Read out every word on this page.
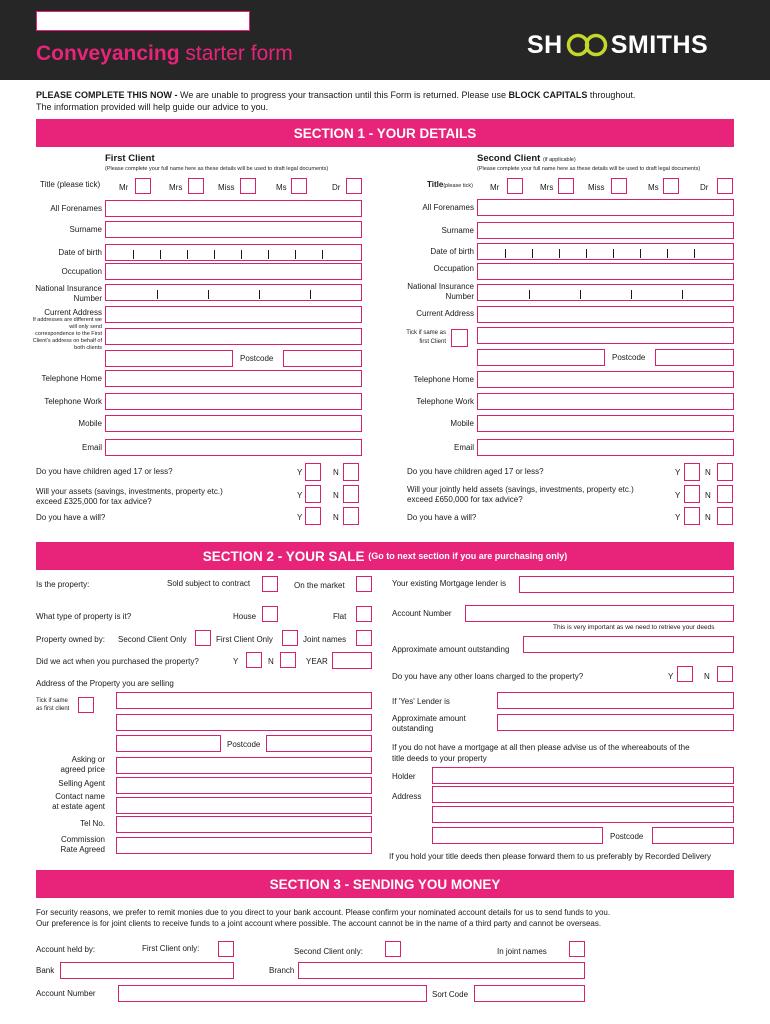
Conveyancing starter form	SH SMITHS
PLEASE COMPLETE THIS NOW - We are unable to progress your transaction until this Form is returned. Please use BLOCK CAPITALS throughout.
The information provided will help guide our advice to you.
SECTION 1 - YOUR DETAILS
First Client
(Please complete your full name here as these details will be used to draft legal documents)
Second Client (if applicable)
(Please complete your full name here as these details will be used to draft legal documents)
Title (please tick) Mr	Mrs	Miss	Ms	Dr	Title(please tick) Mr	Mrs	Miss	Ms	Dr
All Forenames
Surname
Date of birth
Occupation
National Insurance
Number
Current Address
If addresses are different we will only send correspondence to the First Client's address on behalf of both clients
Postcode
Telephone Home
Telephone Work
Mobile
Email
All Forenames
Surname
Date of birth
Occupation
National Insurance
Number
Current Address
Tick if same as
first Client
Postcode
Telephone Home
Telephone Work
Mobile
Email
Do you have children aged 17 or less?	Y	N
Will your assets (savings, investments, property etc.)
exceed £325,000 for tax advice?
Y	N
Do you have a will?	Y	N
Do you have children aged 17 or less?	Y	N
Will your jointly held assets (savings, investments, property etc.)
exceed £650,000 for tax advice?	Y	N
Do you have a will?	Y	N
SECTION 2 - YOUR SALE
(Go to next section if you are purchasing only)
Is the property:	Sold subject to contract	On the market
What type of property is it?	House	Flat
Property owned by: Second Client Only	First Client Only	Joint names
Did we act when you purchased the property?	Y	N	YEAR
Address of the Property you are selling
Tick if same
as first client
Postcode
Asking or
agreed price
Selling Agent
Contact name
at estate agent
Tel No.
Commission
Rate Agreed
Your existing Mortgage lender is
Account Number
This is very important as we need to retrieve your deeds
Approximate amount outstanding
Do you have any other loans charged to the property?	Y	N
If 'Yes' Lender is
Approximate amount
outstanding
If you do not have a mortgage at all then please advise us of the whereabouts of the
title deeds to your property
Holder
Address
Postcode
If you hold your title deeds then please forward them to us preferably by Recorded Delivery
SECTION 3 - SENDING YOU MONEY
For security reasons, we prefer to remit monies due to you direct to your bank account. Please confirm your nominated account details for us to send funds to you.
Our preference is for joint clients to receive funds to a joint account where possible. The account cannot be in the name of a third party and cannot be overseas.
Account held by:	First Client only:	Second Client only:	In joint names
Bank	Branch
Account Number	Sort Code
